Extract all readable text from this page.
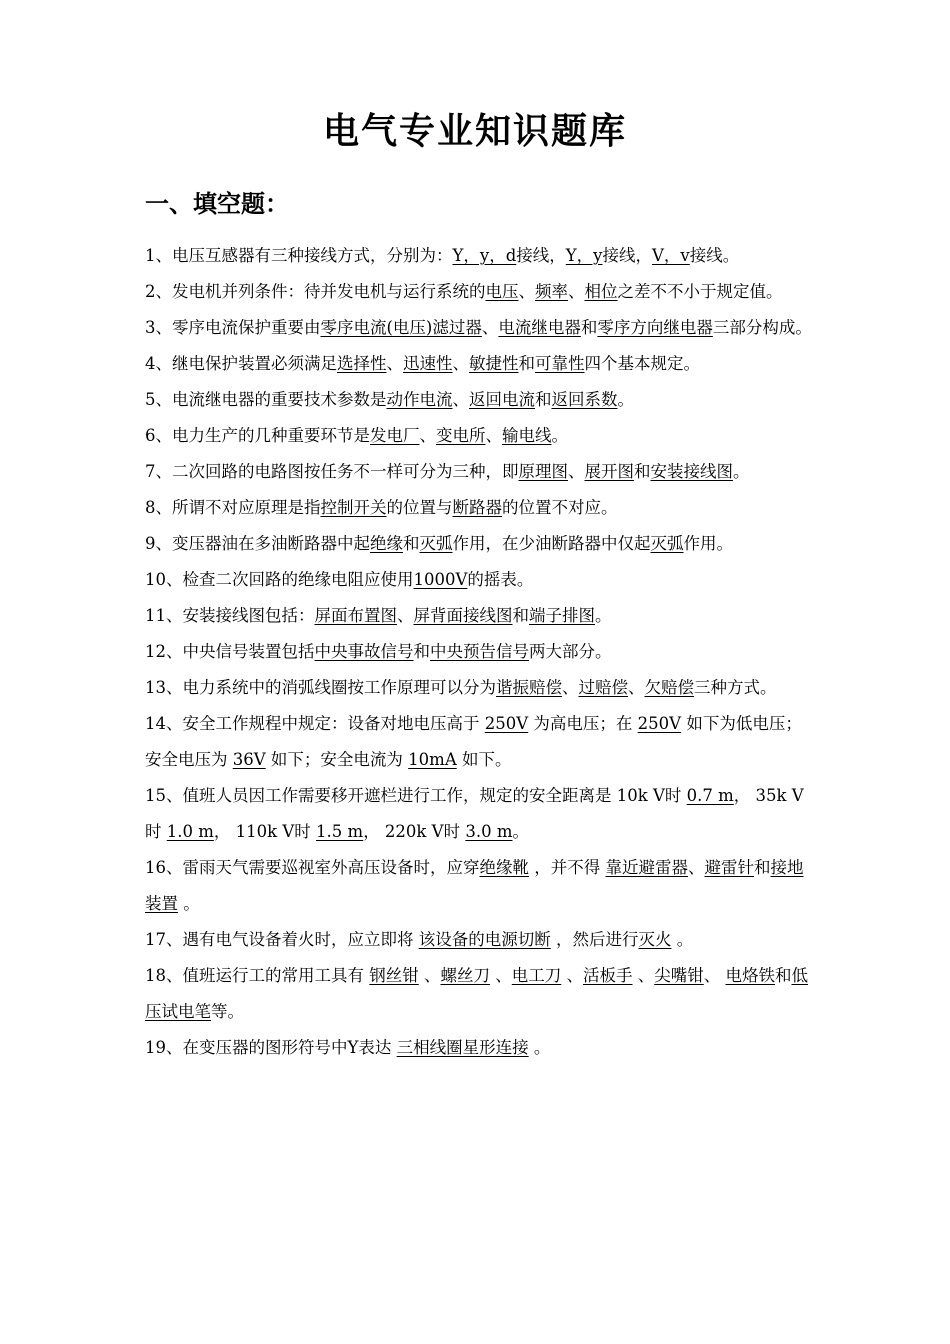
电气专业知识题库
一、填空题：

1、电压互感器有三种接线方式，分别为：Y，y，d接线，Y，y接线，V，v接线。

2、发电机并列条件：待并发电机与运行系统的电压、频率、相位之差不不小于规定值。

3、零序电流保护重要由零序电流(电压)滤过器、电流继电器和零序方向继电器三部分构成。

4、继电保护装置必须满足选择性、迅速性、敏捷性和可靠性四个基本规定。

5、电流继电器的重要技术参数是动作电流、返回电流和返回系数。

6、电力生产的几种重要环节是发电厂、变电所、输电线。

7、二次回路的电路图按任务不一样可分为三种，即原理图、展开图和安装接线图。

8、所谓不对应原理是指控制开关的位置与断路器的位置不对应。

9、变压器油在多油断路器中起绝缘和灭弧作用，在少油断路器中仅起灭弧作用。

10、检查二次回路的绝缘电阻应使用1000V的摇表。

11、安装接线图包括：屏面布置图、屏背面接线图和端子排图。

12、中央信号装置包括中央事故信号和中央预告信号两大部分。

13、电力系统中的消弧线圈按工作原理可以分为谐振赔偿、过赔偿、欠赔偿三种方式。

14、安全工作规程中规定：设备对地电压高于 250V 为高电压；在 250V 如下为低电压；安全电压为 36V 如下；安全电流为 10mA 如下。

15、值班人员因工作需要移开遮栏进行工作，规定的安全距离是 10k V时 0.7 m， 35k V时 1.0 m， 110k V时 1.5 m， 220k V时 3.0 m。

16、雷雨天气需要巡视室外高压设备时，应穿绝缘靴 ，并不得 靠近避雷器、避雷针和接地装置 。

17、遇有电气设备着火时，应立即将 该设备的电源切断 ，然后进行灭火 。

18、值班运行工的常用工具有 钢丝钳 、螺丝刀 、电工刀 、活板手 、尖嘴钳、 电烙铁和低压试电笔等。

19、在变压器的图形符号中Y表达 三相线圈星形连接 。
